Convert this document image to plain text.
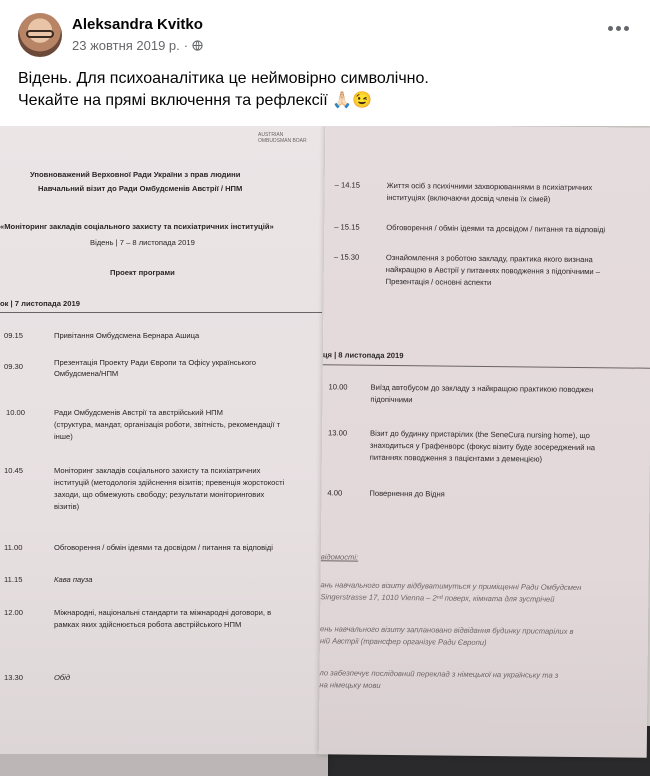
Aleksandra Kvitko
23 жовтня 2019 р. ·
Відень. Для психоаналітика це неймовірно символічно.
Чекайте на прямі включення та рефлексії 🙏🏻😉
AUSTRIAN
OMBUDSMAN BOAR
Уповноважений Верховної Ради України з прав людини
Навчальний візит до Ради Омбудсменів Австрії / НПМ
«Моніторинг закладів соціального захисту та психіатричних інституцій»
Відень | 7 – 8 листопада 2019
Проект програми
ок | 7 листопада 2019
09.15	Привітання Омбудсмена Бернара Ашица
09.30	Презентація Проекту Ради Європи та Офісу українського
Омбудсмена/НПМ
10.00	Ради Омбудсменів Австрії та австрійський НПМ
(структура, мандат, організація роботи, звітність, рекомендації т
інше)
10.45	Моніторинг закладів соціального захисту та психіатричних
інституцій (методологія здійснення візитів; превенція жорстокості
заходи, що обмежують свободу; результати моніторингових
візитів)
11.00	Обговорення / обмін ідеями та досвідом / питання та відповіді
11.15	Кава пауза
12.00	Міжнародні, національні стандарти та міжнародні договори, в
рамках яких здійснюється робота австрійського НПМ
13.30	Обід
– 14.15	Життя осіб з психічними захворюваннями в психіатричних
інституціях (включаючи досвід членів їх сімей)
– 15.15	Обговорення / обмін ідеями та досвідом / питання та відповіді
– 15.30	Ознайомлення з роботою закладу, практика якого визнана
найкращою в Австрії у питаннях поводження з підопічними –
Презентація / основні аспекти
ця | 8 листопада 2019
10.00	Виїзд автобусом до закладу з найкращою практикою поводжен
підопічними
13.00	Візит до будинку пристарілих (the SeneCura nursing home), що
знаходиться у Графенворс (фокус візиту буде зосереджений на
питаннях поводження з пацієнтами з деменцією)
4.00	Повернення до Відня
відомості:
ань навчального візиту відбуватимуться у приміщенні Ради Омбудсмен
Singerstrasse 17, 1010 Vienna – 2ⁿᵈ поверх, кімната для зустрічей
ень навчального візиту заплановано відвідання будинку пристарілих в
ній Австрії (трансфер організує Ради Європи)
ло забезпечує послідовний переклад з німецької на українську та з
на німецьку мови
